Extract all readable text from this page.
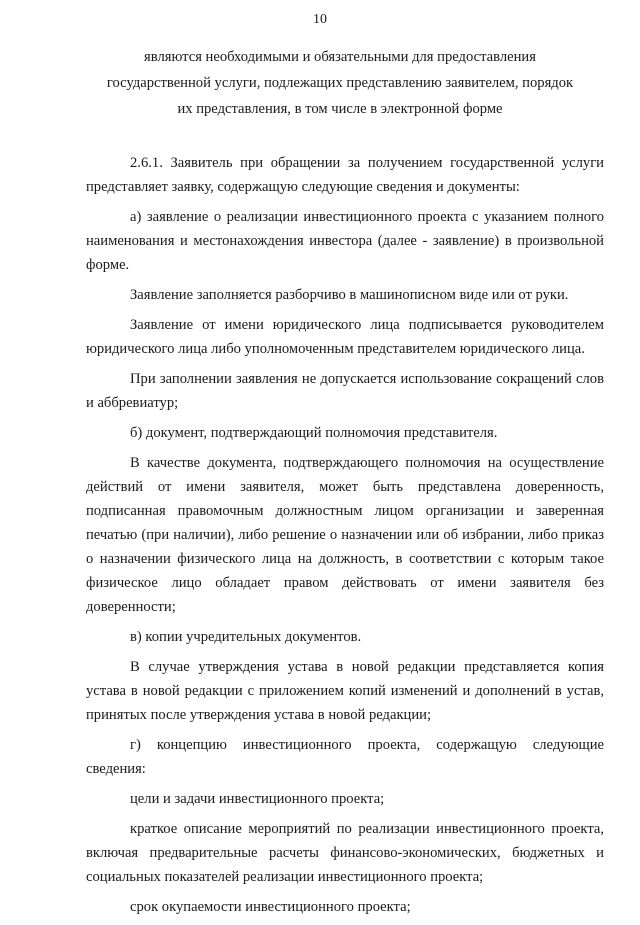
10
являются необходимыми и обязательными для предоставления государственной услуги, подлежащих представлению заявителем, порядок их представления, в том числе в электронной форме

2.6.1. Заявитель при обращении за получением государственной услуги представляет заявку, содержащую следующие сведения и документы:

а) заявление о реализации инвестиционного проекта с указанием полного наименования и местонахождения инвестора (далее - заявление) в произвольной форме.

Заявление заполняется разборчиво в машинописном виде или от руки.

Заявление от имени юридического лица подписывается руководителем юридического лица либо уполномоченным представителем юридического лица.

При заполнении заявления не допускается использование сокращений слов и аббревиатур;

б) документ, подтверждающий полномочия представителя.

В качестве документа, подтверждающего полномочия на осуществление действий от имени заявителя, может быть представлена доверенность, подписанная правомочным должностным лицом организации и заверенная печатью (при наличии), либо решение о назначении или об избрании, либо приказ о назначении физического лица на должность, в соответствии с которым такое физическое лицо обладает правом действовать от имени заявителя без доверенности;

в) копии учредительных документов.

В случае утверждения устава в новой редакции представляется копия устава в новой редакции с приложением копий изменений и дополнений в устав, принятых после утверждения устава в новой редакции;

г) концепцию инвестиционного проекта, содержащую следующие сведения:

цели и задачи инвестиционного проекта;

краткое описание мероприятий по реализации инвестиционного проекта, включая предварительные расчеты финансово-экономических, бюджетных и социальных показателей реализации инвестиционного проекта;

срок окупаемости инвестиционного проекта;
